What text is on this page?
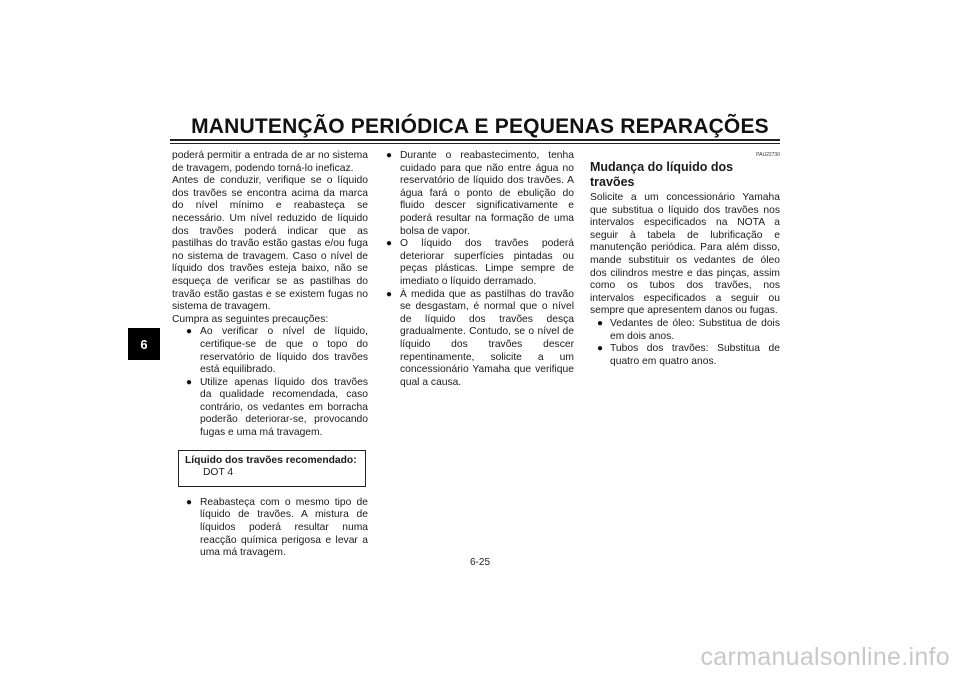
MANUTENÇÃO PERIÓDICA E PEQUENAS REPARAÇÕES
6

poderá permitir a entrada de ar no sistema de travagem, podendo torná-lo ineficaz.

Antes de conduzir, verifique se o líquido dos travões se encontra acima da marca do nível mínimo e reabasteça se necessário. Um nível reduzido de líquido dos travões poderá indicar que as pastilhas do travão estão gastas e/ou fuga no sistema de travagem. Caso o nível de líquido dos travões esteja baixo, não se esqueça de verificar se as pastilhas do travão estão gastas e se existem fugas no sistema de travagem.

Cumpra as seguintes precauções:

● Ao verificar o nível de líquido, certifique-se de que o topo do reservatório de líquido dos travões está equilibrado.
● Utilize apenas líquido dos travões da qualidade recomendada, caso contrário, os vedantes em borracha poderão deteriorar-se, provocando fugas e uma má travagem.
Líquido dos travões recomendado:
DOT 4
● Reabasteça com o mesmo tipo de líquido de travões. A mistura de líquidos poderá resultar numa reacção química perigosa e levar a uma má travagem.
● Durante o reabastecimento, tenha cuidado para que não entre água no reservatório de líquido dos travões. A água fará o ponto de ebulição do fluido descer significativamente e poderá resultar na formação de uma bolsa de vapor.
● O líquido dos travões poderá deteriorar superfícies pintadas ou peças plásticas. Limpe sempre de imediato o líquido derramado.
● À medida que as pastilhas do travão se desgastam, é normal que o nível de líquido dos travões desça gradualmente. Contudo, se o nível de líquido dos travões descer repentinamente, solicite a um concessionário Yamaha que verifique qual a causa.
PAU22730
Mudança do líquido dos travões

Solicite a um concessionário Yamaha que substitua o líquido dos travões nos intervalos especificados na NOTA a seguir à tabela de lubrificação e manutenção periódica. Para além disso, mande substituir os vedantes de óleo dos cilindros mestre e das pinças, assim como os tubos dos travões, nos intervalos especificados a seguir ou sempre que apresentem danos ou fugas.

● Vedantes de óleo: Substitua de dois em dois anos.
● Tubos dos travões: Substitua de quatro em quatro anos.
6-25
carmanualsonline.info
